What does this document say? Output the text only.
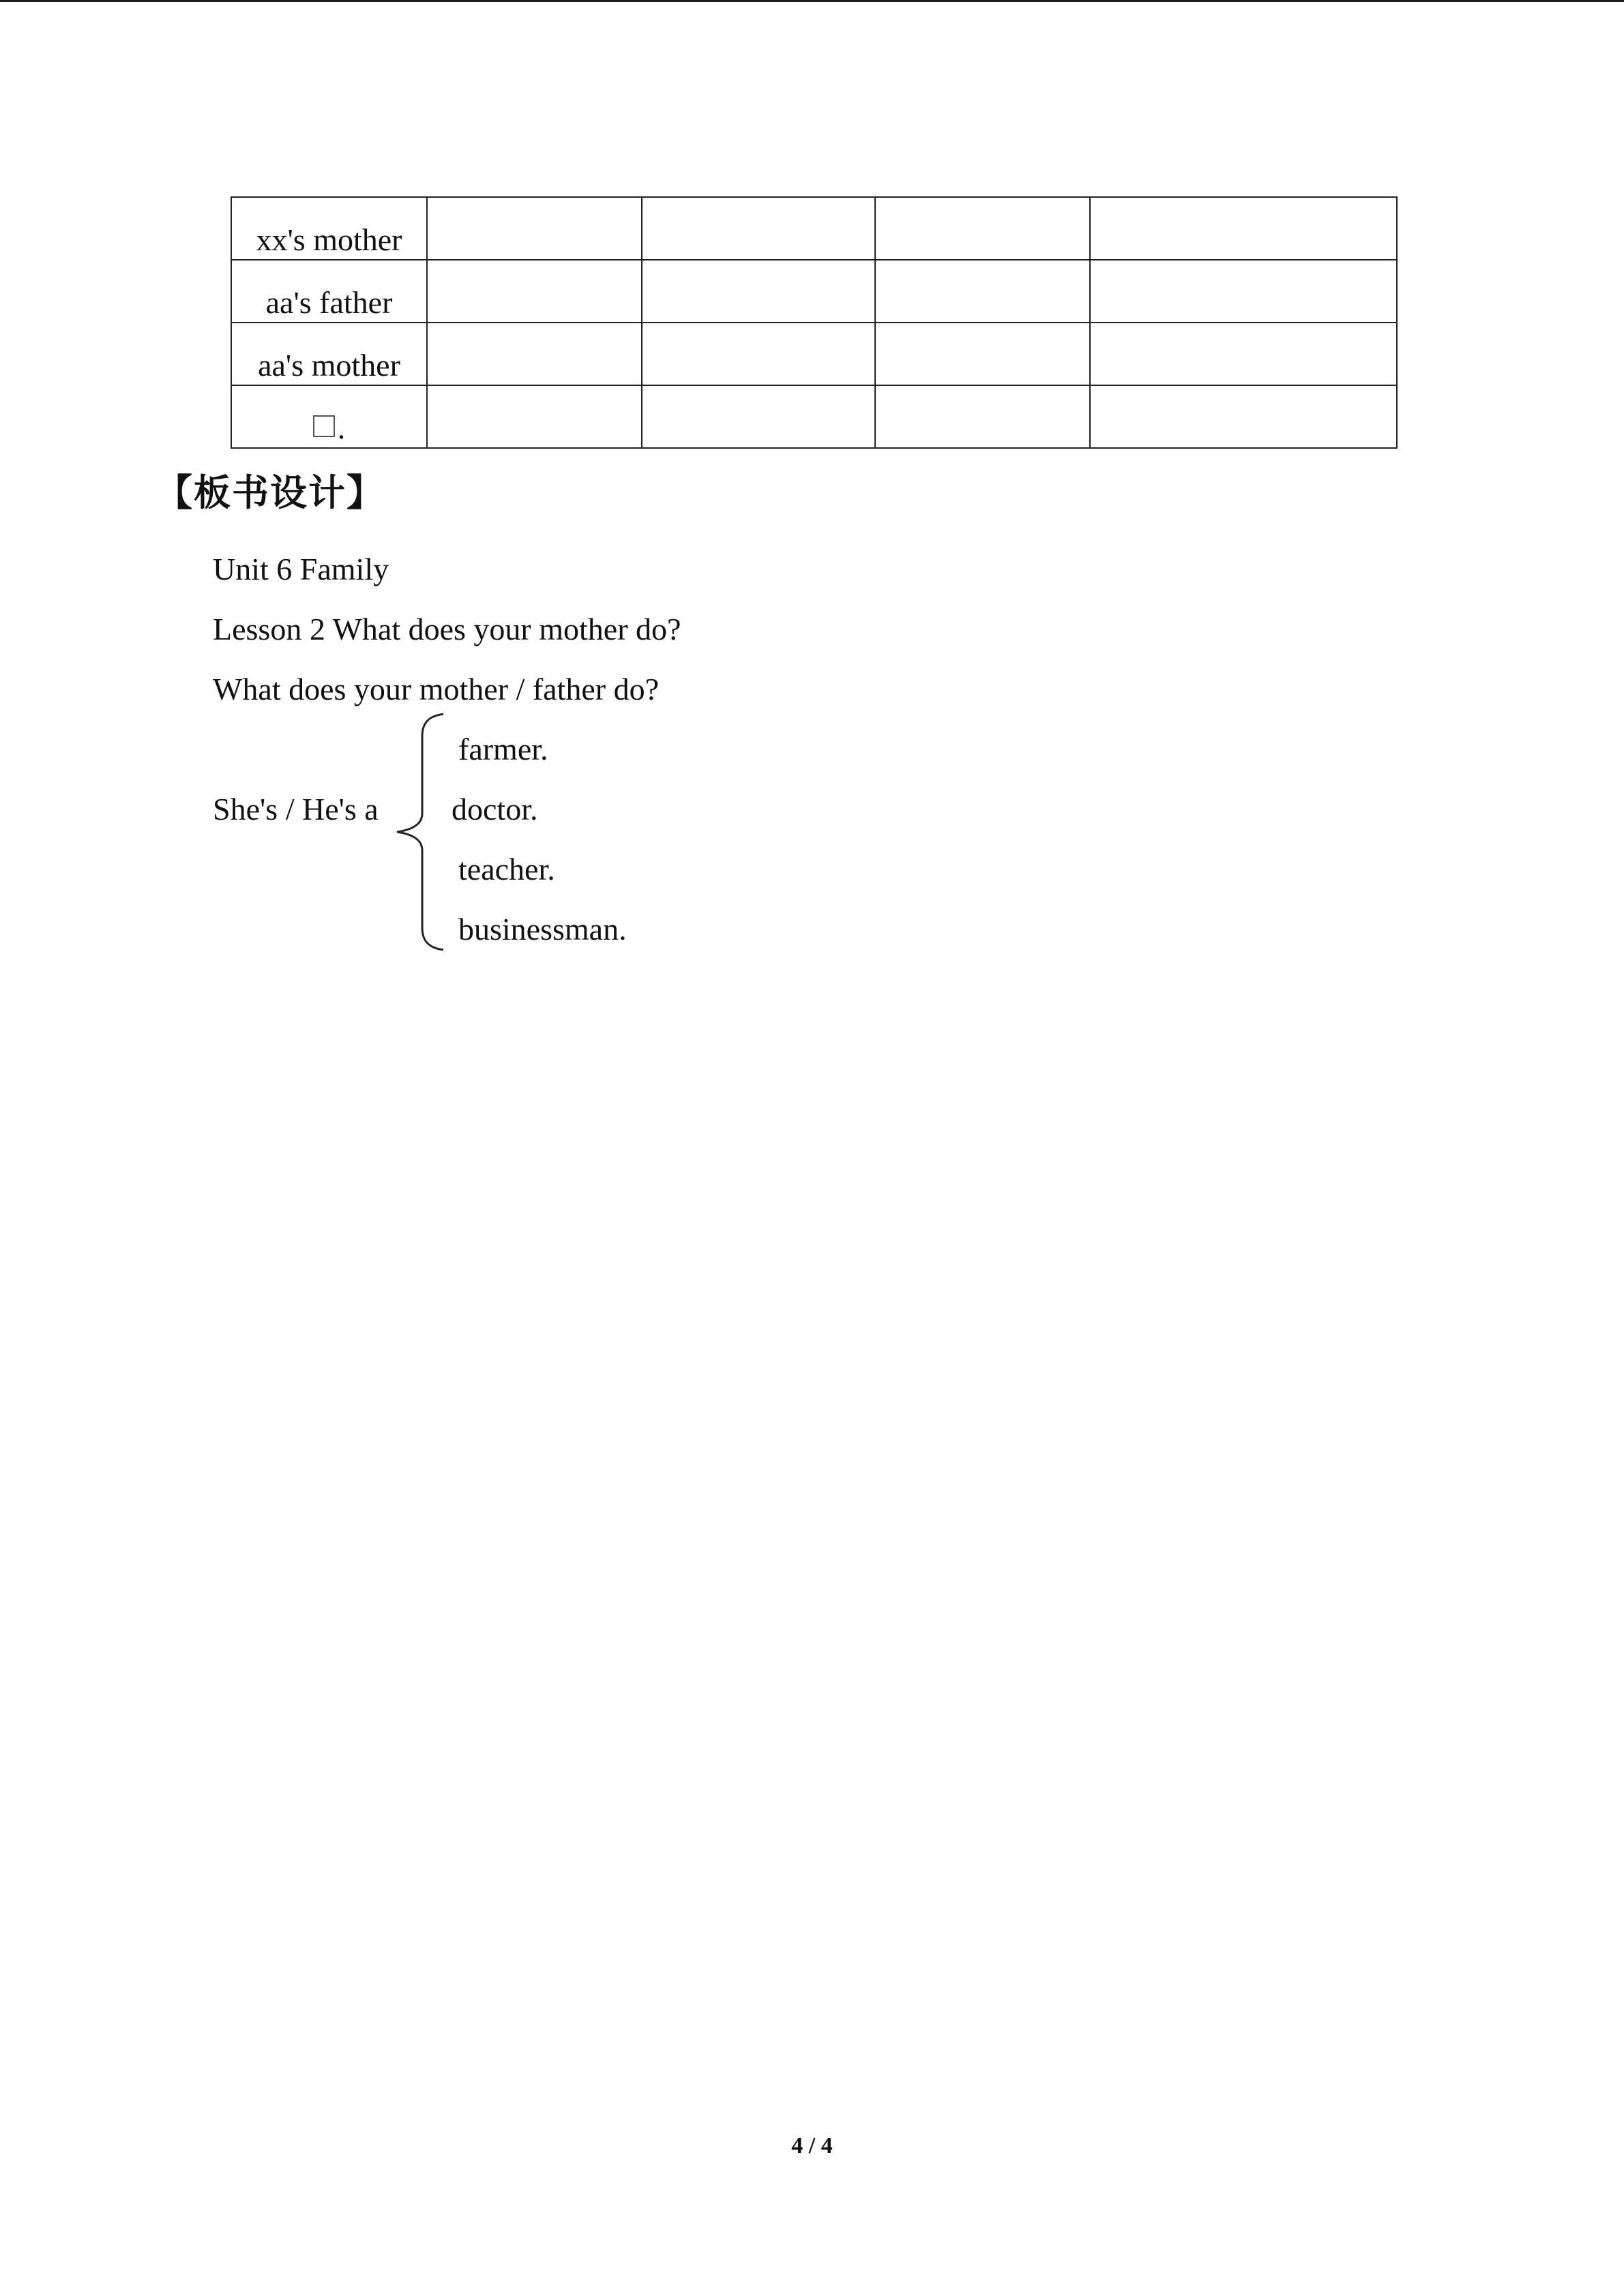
xx's mother				
aa's father				
aa's mother				
.				
【板书设计】
Unit 6 Family
Lesson 2 What does your mother do?
What does your mother / father do?
She's / He's a
farmer.
doctor.
teacher.
businessman.
4 / 4
